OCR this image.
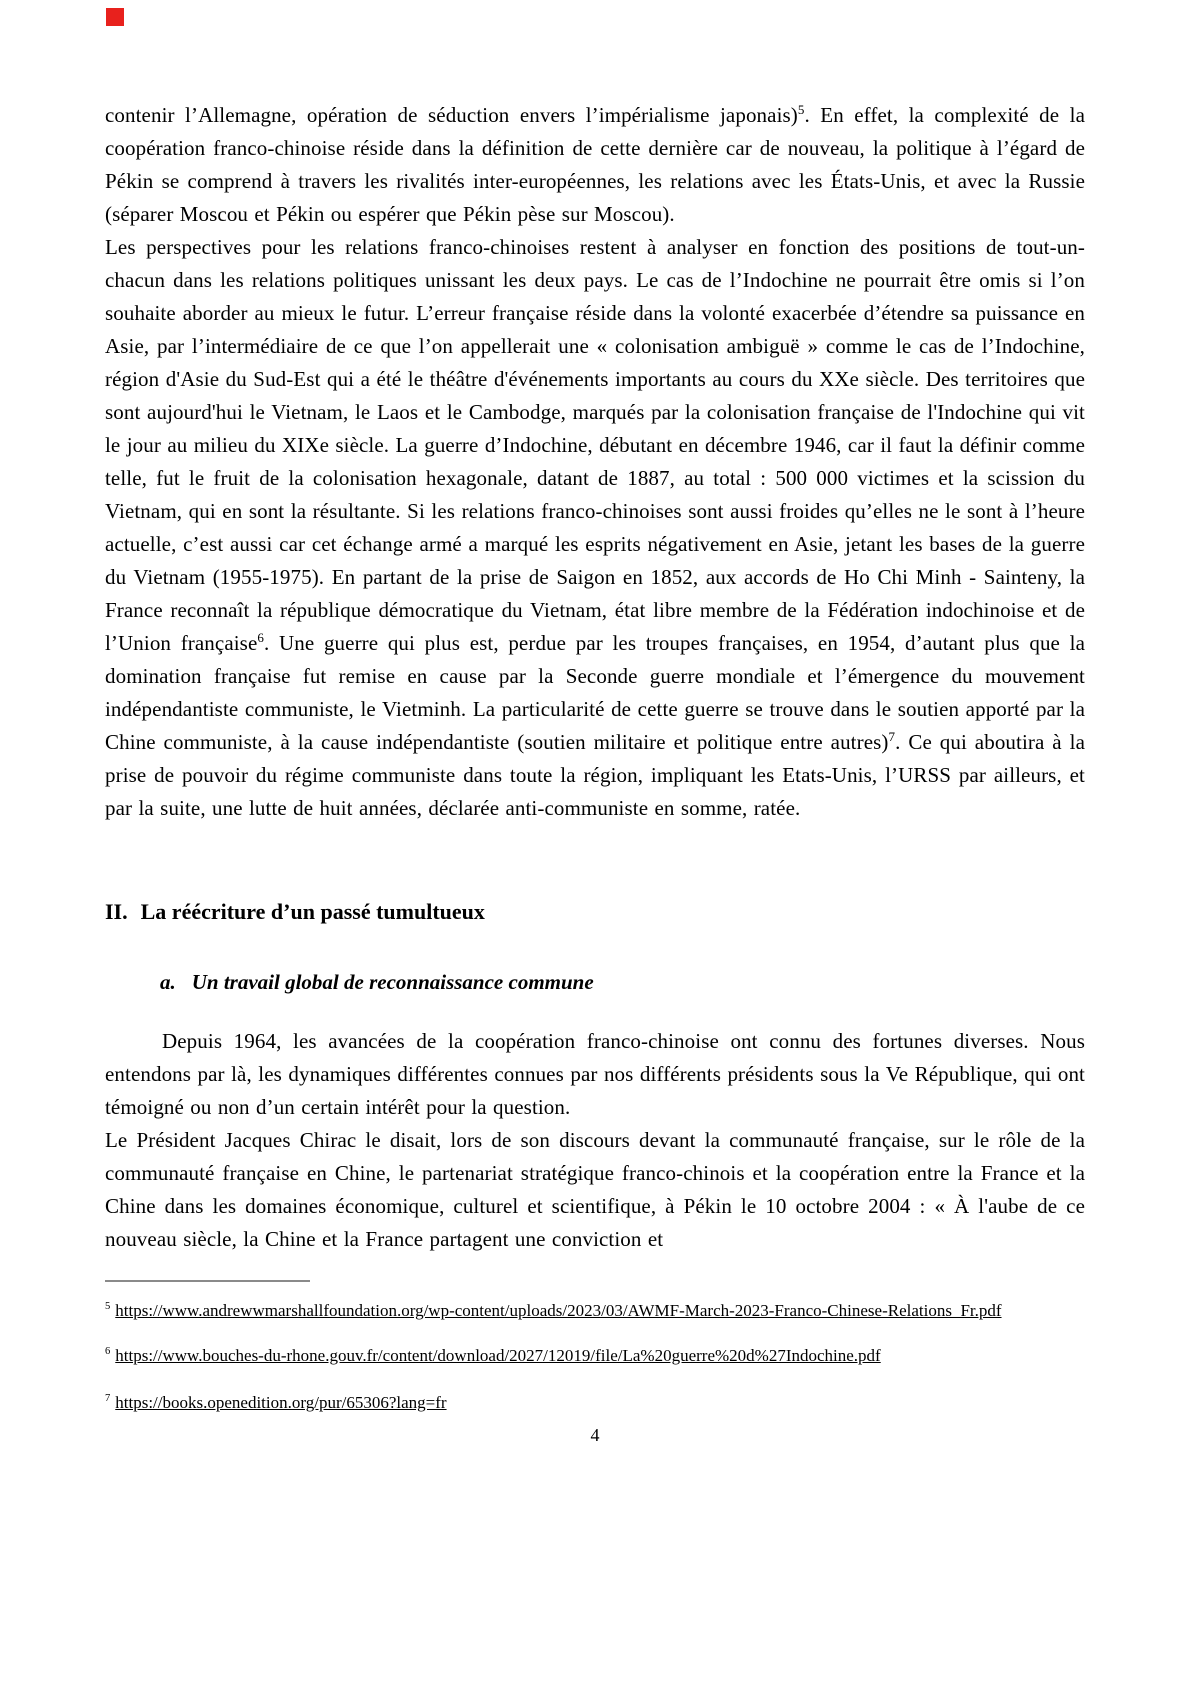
contenir l’Allemagne, opération de séduction envers l’impérialisme japonais)$^5$. En effet, la complexité de la coopération franco-chinoise réside dans la définition de cette dernière car de nouveau, la politique à l’égard de Pékin se comprend à travers les rivalités inter-européennes, les relations avec les États-Unis, et avec la Russie (séparer Moscou et Pékin ou espérer que Pékin pèse sur Moscou).

Les perspectives pour les relations franco-chinoises restent à analyser en fonction des positions de tout-un-chacun dans les relations politiques unissant les deux pays. Le cas de l’Indochine ne pourrait être omis si l’on souhaite aborder au mieux le futur. L’erreur française réside dans la volonté exacerbée d’étendre sa puissance en Asie, par l’intermédiaire de ce que l’on appellerait une « colonisation ambiguë » comme le cas de l’Indochine, région d'Asie du Sud-Est qui a été le théâtre d'événements importants au cours du XXe siècle. Des territoires que sont aujourd'hui le Vietnam, le Laos et le Cambodge, marqués par la colonisation française de l'Indochine qui vit le jour au milieu du XIXe siècle. La guerre d’Indochine, débutant en décembre 1946, car il faut la définir comme telle, fut le fruit de la colonisation hexagonale, datant de 1887, au total : 500 000 victimes et la scission du Vietnam, qui en sont la résultante. Si les relations franco-chinoises sont aussi froides qu’elles ne le sont à l’heure actuelle, c’est aussi car cet échange armé a marqué les esprits négativement en Asie, jetant les bases de la guerre du Vietnam (1955-1975). En partant de la prise de Saigon en 1852, aux accords de Ho Chi Minh - Sainteny, la France reconnaît la république démocratique du Vietnam, état libre membre de la Fédération indochinoise et de l’Union française$^6$. Une guerre qui plus est, perdue par les troupes françaises, en 1954, d’autant plus que la domination française fut remise en cause par la Seconde guerre mondiale et l’émergence du mouvement indépendantiste communiste, le Vietminh. La particularité de cette guerre se trouve dans le soutien apporté par la Chine communiste, à la cause indépendantiste (soutien militaire et politique entre autres)$^7$. Ce qui aboutira à la prise de pouvoir du régime communiste dans toute la région, impliquant les Etats-Unis, l’URSS par ailleurs, et par la suite, une lutte de huit années, déclarée anti-communiste en somme, ratée.

II. La réécriture d’un passé tumultueux
a. Un travail global de reconnaissance commune

Depuis 1964, les avancées de la coopération franco-chinoise ont connu des fortunes diverses. Nous entendons par là, les dynamiques différentes connues par nos différents présidents sous la Ve République, qui ont témoigné ou non d’un certain intérêt pour la question.

Le Président Jacques Chirac le disait, lors de son discours devant la communauté française, sur le rôle de la communauté française en Chine, le partenariat stratégique franco-chinois et la coopération entre la France et la Chine dans les domaines économique, culturel et scientifique, à Pékin le 10 octobre 2004 : « À l'aube de ce nouveau siècle, la Chine et la France partagent une conviction et

$^5$ https://www.andrewwmarshallfoundation.org/wp-content/uploads/2023/03/AWMF-March-2023-Franco-Chinese-Relations_Fr.pdf

$^6$ https://www.bouches-du-rhone.gouv.fr/content/download/2027/12019/file/La%20guerre%20d%27Indochine.pdf

$^7$ https://books.openedition.org/pur/65306?lang=fr

4
